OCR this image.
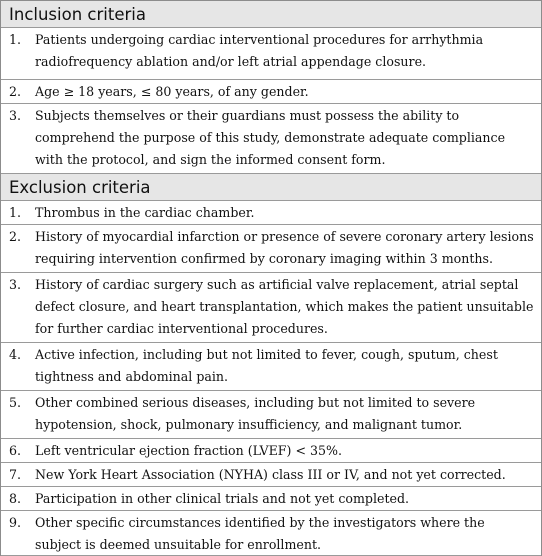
Inclusion criteria
1.	Patients undergoing cardiac interventional procedures for arrhythmia radiofrequency ablation and/or left atrial appendage closure.
2.	Age ≥ 18 years, ≤ 80 years, of any gender.
3.	Subjects themselves or their guardians must possess the ability to comprehend the purpose of this study, demonstrate adequate compliance with the protocol, and sign the informed consent form.
Exclusion criteria
1.	Thrombus in the cardiac chamber.
2.	History of myocardial infarction or presence of severe coronary artery lesions requiring intervention confirmed by coronary imaging within 3 months.
3.	History of cardiac surgery such as artificial valve replacement, atrial septal defect closure, and heart transplantation, which makes the patient unsuitable for further cardiac interventional procedures.
4.	Active infection, including but not limited to fever, cough, sputum, chest tightness and abdominal pain.
5.	Other combined serious diseases, including but not limited to severe hypotension, shock, pulmonary insufficiency, and malignant tumor.
6.	Left ventricular ejection fraction (LVEF) < 35%.
7.	New York Heart Association (NYHA) class III or IV, and not yet corrected.
8.	Participation in other clinical trials and not yet completed.
9.	Other specific circumstances identified by the investigators where the subject is deemed unsuitable for enrollment.
